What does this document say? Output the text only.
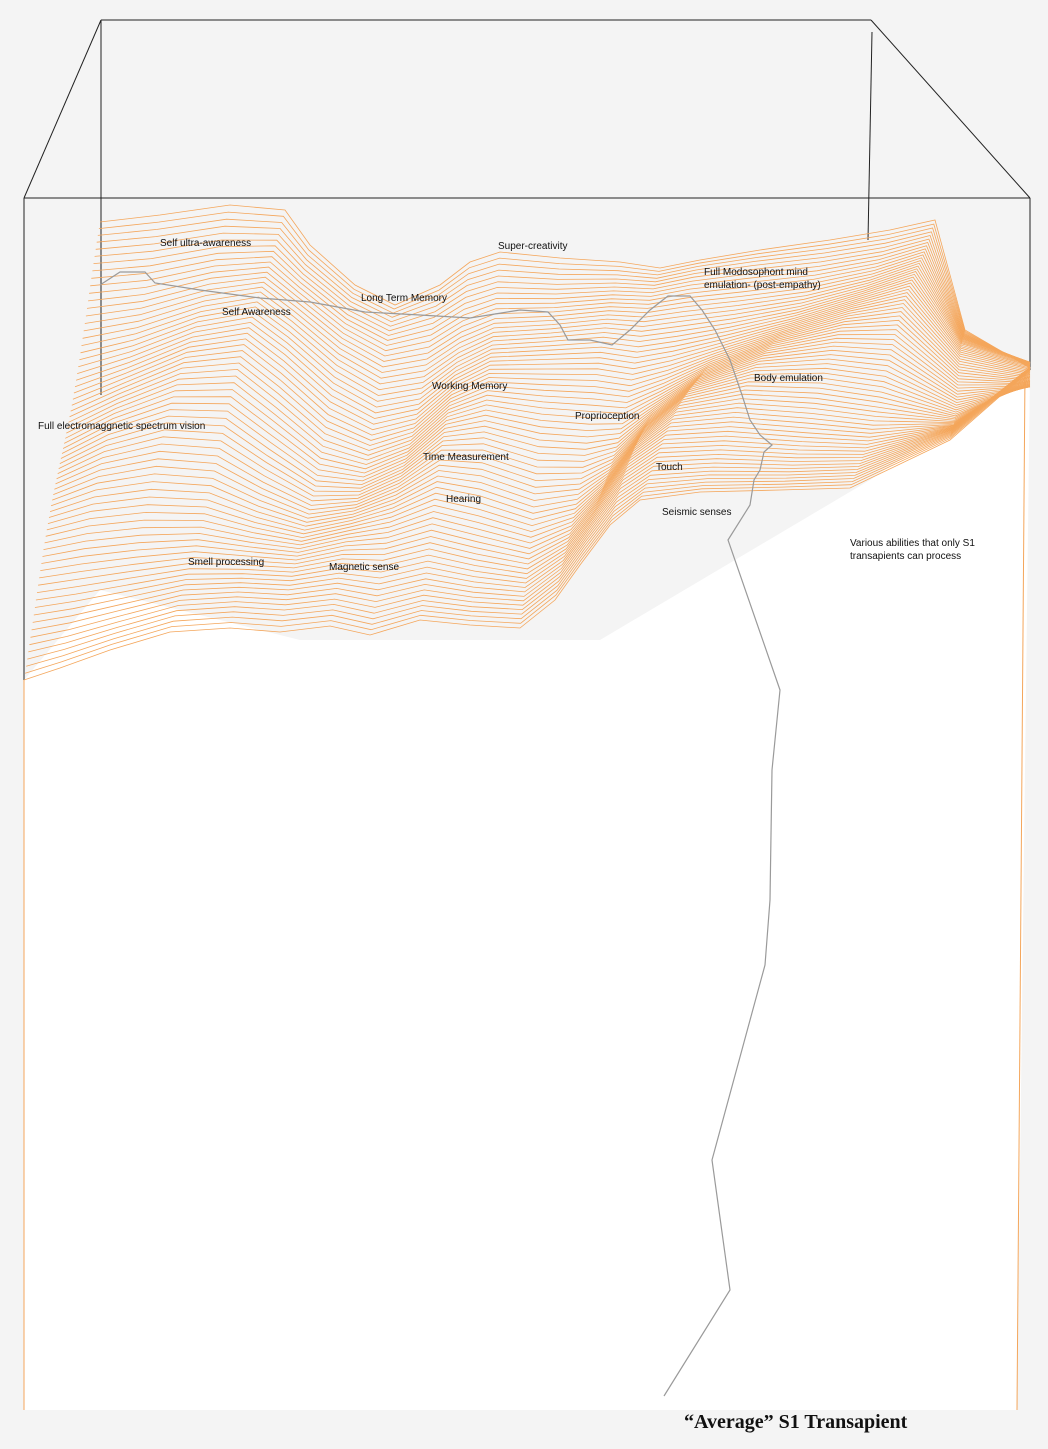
Self ultra-awareness	Super-creativity
Full Modosophont mind emulation- (post-empathy)
Long Term Memory
Self Awareness
Body emulation
Working Memory
Proprioception
Full electromaggnetic spectrum vision
Time Measurement
Touch
Hearing
Seismic senses
Various abilities that only S1 transapients can process
Smell processing	Magnetic sense
“Average” S1 Transapient
